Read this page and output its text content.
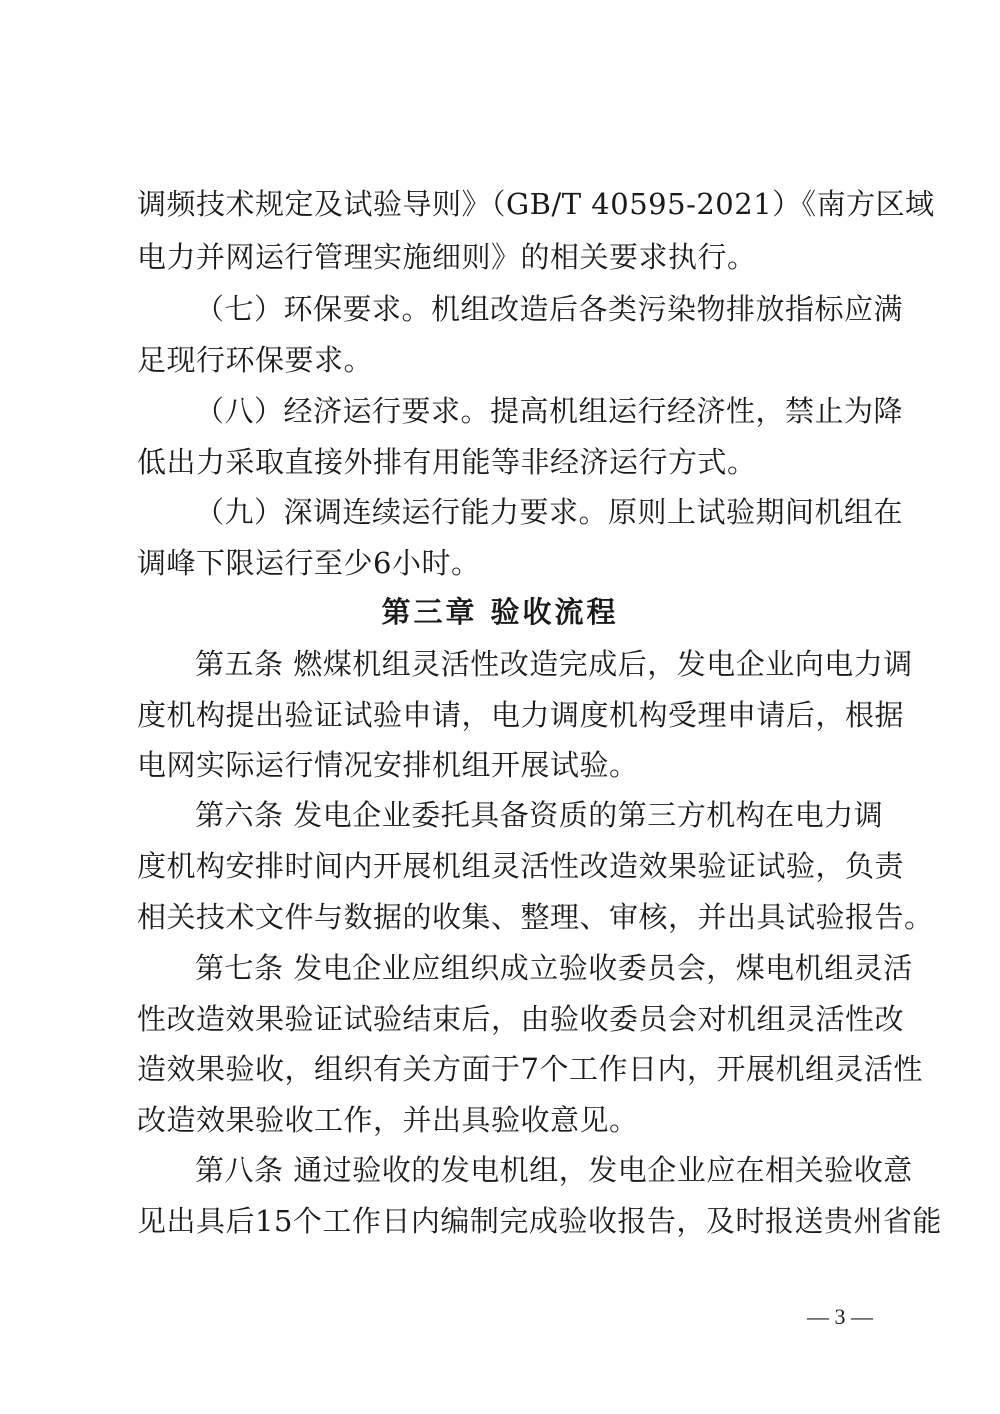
调频技术规定及试验导则》（GB/T 40595-2021）《南方区域
电力并网运行管理实施细则》的相关要求执行。
（七）环保要求。机组改造后各类污染物排放指标应满
足现行环保要求。
（八）经济运行要求。提高机组运行经济性，禁止为降
低出力采取直接外排有用能等非经济运行方式。
（九）深调连续运行能力要求。原则上试验期间机组在
调峰下限运行至少6小时。
第三章 验收流程
第五条 燃煤机组灵活性改造完成后，发电企业向电力调
度机构提出验证试验申请，电力调度机构受理申请后，根据
电网实际运行情况安排机组开展试验。
第六条 发电企业委托具备资质的第三方机构在电力调
度机构安排时间内开展机组灵活性改造效果验证试验，负责
相关技术文件与数据的收集、整理、审核，并出具试验报告。
第七条 发电企业应组织成立验收委员会，煤电机组灵活
性改造效果验证试验结束后，由验收委员会对机组灵活性改
造效果验收，组织有关方面于7个工作日内，开展机组灵活性
改造效果验收工作，并出具验收意见。
第八条 通过验收的发电机组，发电企业应在相关验收意
见出具后15个工作日内编制完成验收报告，及时报送贵州省能
— 3 —
